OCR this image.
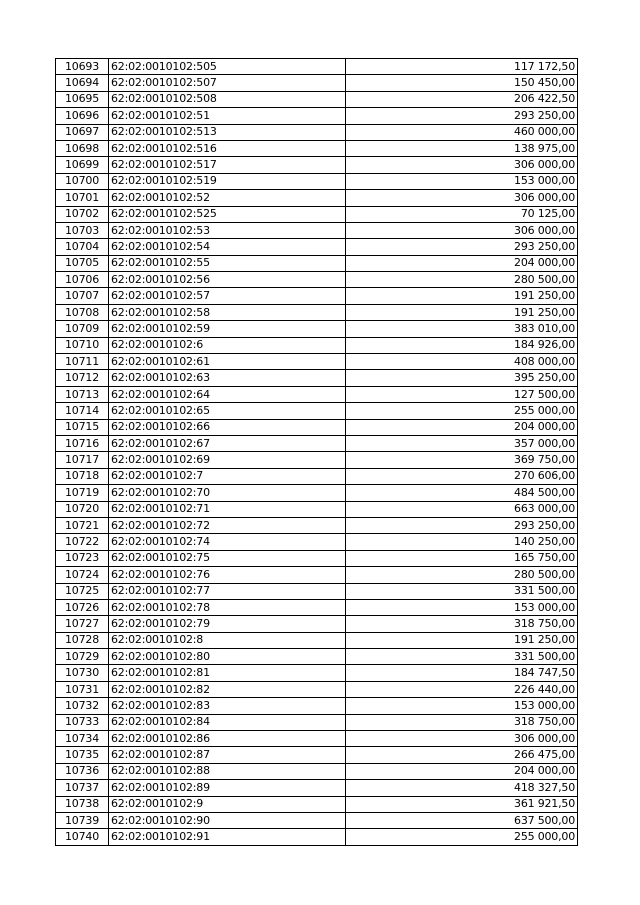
10693	62:02:0010102:505	117 172,50
10694	62:02:0010102:507	150 450,00
10695	62:02:0010102:508	206 422,50
10696	62:02:0010102:51	293 250,00
10697	62:02:0010102:513	460 000,00
10698	62:02:0010102:516	138 975,00
10699	62:02:0010102:517	306 000,00
10700	62:02:0010102:519	153 000,00
10701	62:02:0010102:52	306 000,00
10702	62:02:0010102:525	70 125,00
10703	62:02:0010102:53	306 000,00
10704	62:02:0010102:54	293 250,00
10705	62:02:0010102:55	204 000,00
10706	62:02:0010102:56	280 500,00
10707	62:02:0010102:57	191 250,00
10708	62:02:0010102:58	191 250,00
10709	62:02:0010102:59	383 010,00
10710	62:02:0010102:6	184 926,00
10711	62:02:0010102:61	408 000,00
10712	62:02:0010102:63	395 250,00
10713	62:02:0010102:64	127 500,00
10714	62:02:0010102:65	255 000,00
10715	62:02:0010102:66	204 000,00
10716	62:02:0010102:67	357 000,00
10717	62:02:0010102:69	369 750,00
10718	62:02:0010102:7	270 606,00
10719	62:02:0010102:70	484 500,00
10720	62:02:0010102:71	663 000,00
10721	62:02:0010102:72	293 250,00
10722	62:02:0010102:74	140 250,00
10723	62:02:0010102:75	165 750,00
10724	62:02:0010102:76	280 500,00
10725	62:02:0010102:77	331 500,00
10726	62:02:0010102:78	153 000,00
10727	62:02:0010102:79	318 750,00
10728	62:02:0010102:8	191 250,00
10729	62:02:0010102:80	331 500,00
10730	62:02:0010102:81	184 747,50
10731	62:02:0010102:82	226 440,00
10732	62:02:0010102:83	153 000,00
10733	62:02:0010102:84	318 750,00
10734	62:02:0010102:86	306 000,00
10735	62:02:0010102:87	266 475,00
10736	62:02:0010102:88	204 000,00
10737	62:02:0010102:89	418 327,50
10738	62:02:0010102:9	361 921,50
10739	62:02:0010102:90	637 500,00
10740	62:02:0010102:91	255 000,00
